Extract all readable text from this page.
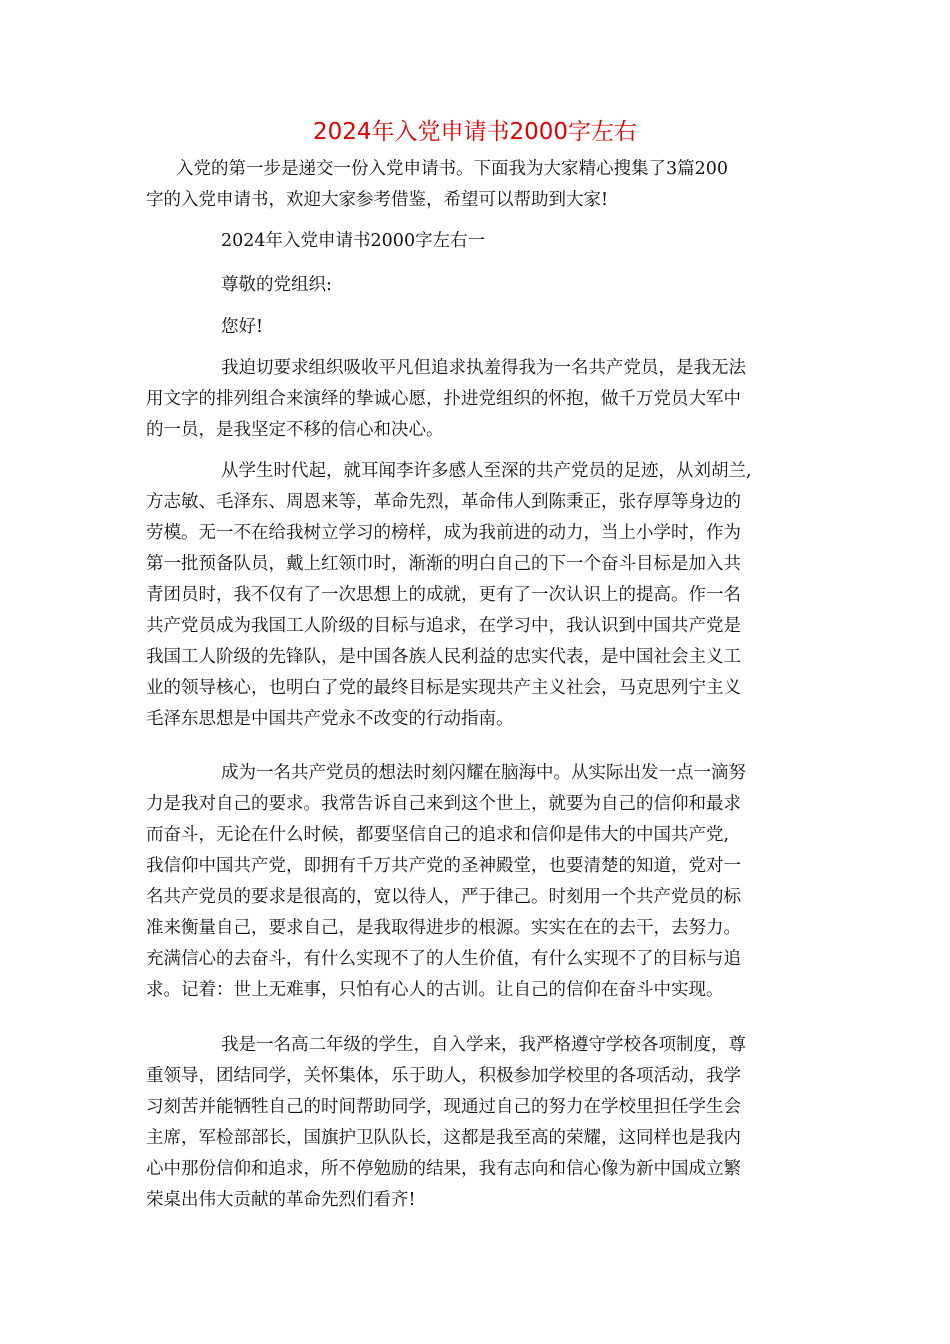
2024年入党申请书2000字左右
入党的第一步是递交一份入党申请书。下面我为大家精心搜集了3篇200
字的入党申请书，欢迎大家参考借鉴，希望可以帮助到大家!
2024年入党申请书2000字左右一
尊敬的党组织:
您好!
我迫切要求组织吸收平凡但追求执羞得我为一名共产党员，是我无法
用文字的排列组合来演绎的挚诚心愿，扑进党组织的怀抱，做千万党员大军中
的一员，是我坚定不移的信心和决心。
从学生时代起，就耳闻李许多感人至深的共产党员的足迹，从刘胡兰,
方志敏、毛泽东、周恩来等，革命先烈，革命伟人到陈秉正，张存厚等身边的
劳模。无一不在给我树立学习的榜样，成为我前进的动力，当上小学时，作为
第一批预备队员，戴上红领巾时，渐渐的明白自己的下一个奋斗目标是加入共
青团员时，我不仅有了一次思想上的成就，更有了一次认识上的提高。作一名
共产党员成为我国工人阶级的目标与追求，在学习中，我认识到中国共产党是
我国工人阶级的先锋队，是中国各族人民利益的忠实代表，是中国社会主义工
业的领导核心，也明白了党的最终目标是实现共产主义社会，马克思列宁主义
毛泽东思想是中国共产党永不改变的行动指南。
成为一名共产党员的想法时刻闪耀在脑海中。从实际出发一点一滴努
力是我对自己的要求。我常告诉自己来到这个世上，就要为自己的信仰和最求
而奋斗，无论在什么时候，都要坚信自己的追求和信仰是伟大的中国共产党,
我信仰中国共产党，即拥有千万共产党的圣神殿堂，也要清楚的知道，党对一
名共产党员的要求是很高的，宽以待人，严于律己。时刻用一个共产党员的标
准来衡量自己，要求自己，是我取得进步的根源。实实在在的去干，去努力。
充满信心的去奋斗，有什么实现不了的人生价值，有什么实现不了的目标与追
求。记着：世上无难事，只怕有心人的古训。让自己的信仰在奋斗中实现。
我是一名高二年级的学生，自入学来，我严格遵守学校各项制度，尊
重领导，团结同学，关怀集体，乐于助人，积极参加学校里的各项活动，我学
习刻苦并能牺牲自己的时间帮助同学，现通过自己的努力在学校里担任学生会
主席，军检部部长，国旗护卫队队长，这都是我至高的荣耀，这同样也是我内
心中那份信仰和追求，所不停勉励的结果，我有志向和信心像为新中国成立繁
荣桌出伟大贡献的革命先烈们看齐!
